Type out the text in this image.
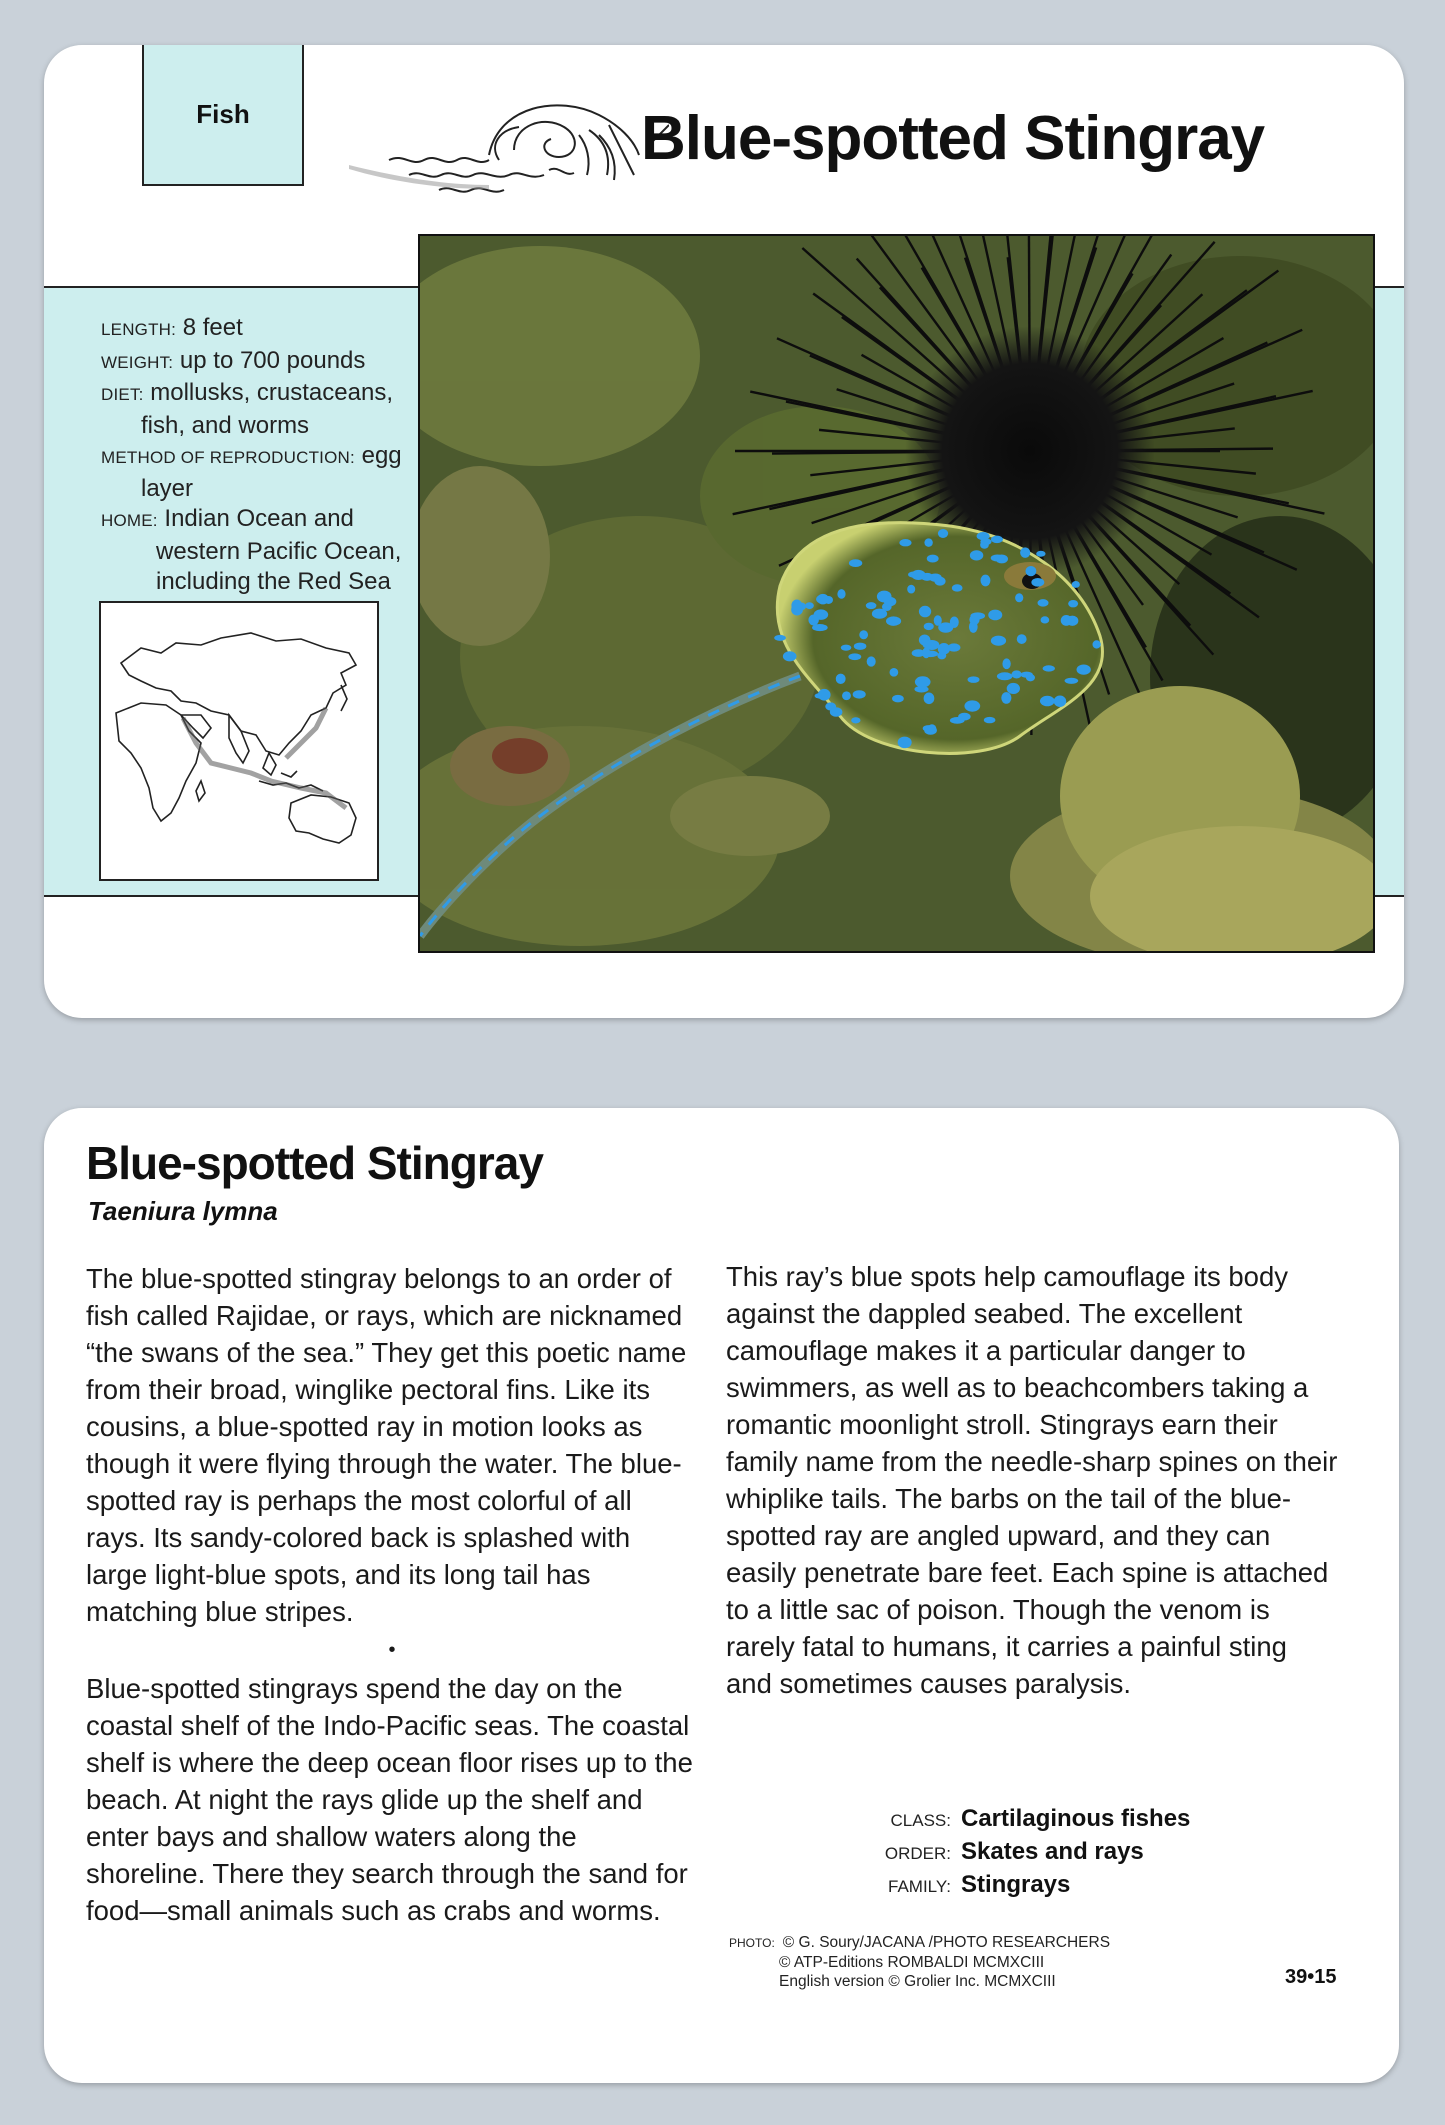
Fish	Blue-spotted Stingray
LENGTH: 8 feet
WEIGHT: up to 700 pounds
DIET: mollusks, crustaceans,
fish, and worms
METHOD OF REPRODUCTION: egg
layer
HOME: Indian Ocean and
western Pacific Ocean,
including the Red Sea
Blue-spotted Stingray
Taeniura lymna

The blue-spotted stingray belongs to an order of fish called Rajidae, or rays, which are nicknamed “the swans of the sea.” They get this poetic name from their broad, winglike pectoral fins. Like its cousins, a blue-spotted ray in motion looks as though it were flying through the water. The blue-spotted ray is perhaps the most colorful of all rays. Its sandy-colored back is splashed with large light-blue spots, and its long tail has matching blue stripes.

•

Blue-spotted stingrays spend the day on the coastal shelf of the Indo-Pacific seas. The coastal shelf is where the deep ocean floor rises up to the beach. At night the rays glide up the shelf and enter bays and shallow waters along the shoreline. There they search through the sand for food—small animals such as crabs and worms.

This ray’s blue spots help camouflage its body against the dappled seabed. The excellent camouflage makes it a particular danger to swimmers, as well as to beachcombers taking a romantic moonlight stroll. Stingrays earn their family name from the needle-sharp spines on their whiplike tails. The barbs on the tail of the blue-spotted ray are angled upward, and they can easily penetrate bare feet. Each spine is attached to a little sac of poison. Though the venom is rarely fatal to humans, it carries a painful sting and sometimes causes paralysis.

CLASS: Cartilaginous fishes
ORDER: Skates and rays
FAMILY: Stingrays
PHOTO: © G. Soury/JACANA /PHOTO RESEARCHERS
© ATP-Editions ROMBALDI MCMXCIII
English version © Grolier Inc. MCMXCIII	39•15
